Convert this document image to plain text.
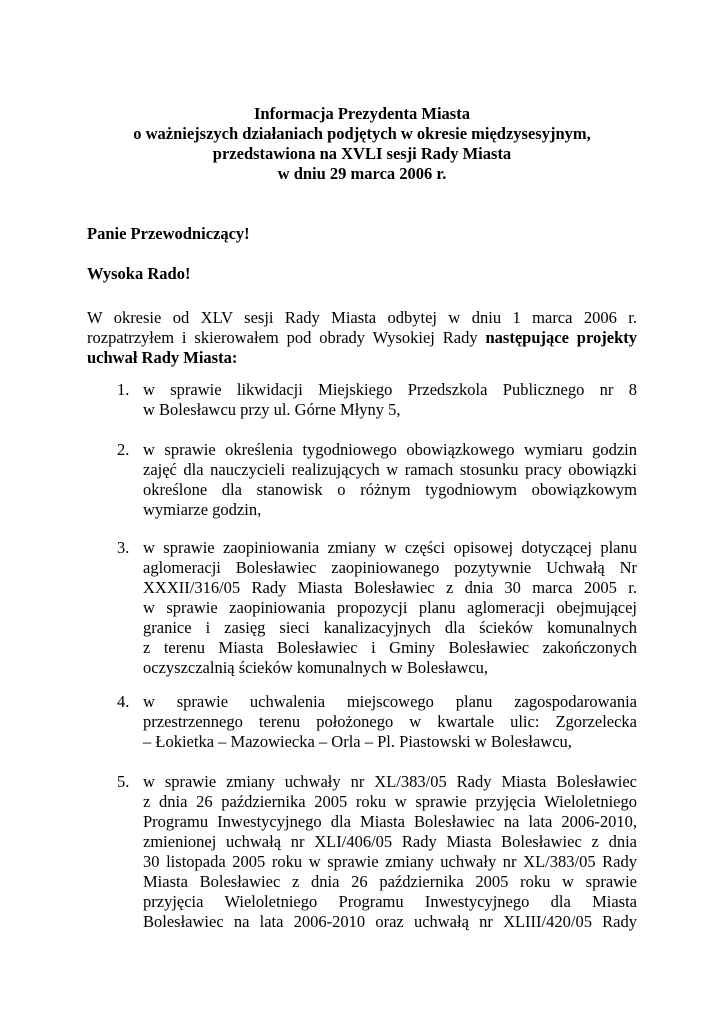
Informacja Prezydenta Miasta
o ważniejszych działaniach podjętych w okresie międzysesyjnym,
przedstawiona na XVLI sesji Rady Miasta
w dniu 29 marca 2006 r.
Panie Przewodniczący!
Wysoka Rado!
W okresie od XLV sesji Rady Miasta odbytej w dniu 1 marca 2006 r.
rozpatrzyłem i skierowałem pod obrady Wysokiej Rady następujące projekty
uchwał Rady Miasta:
1. w sprawie likwidacji Miejskiego Przedszkola Publicznego nr 8
w Bolesławcu przy ul. Górne Młyny 5,
2. w sprawie określenia tygodniowego obowiązkowego wymiaru godzin
zajęć dla nauczycieli realizujących w ramach stosunku pracy obowiązki
określone dla stanowisk o różnym tygodniowym obowiązkowym
wymiarze godzin,
3. w sprawie zaopiniowania zmiany w części opisowej dotyczącej planu
aglomeracji Bolesławiec zaopiniowanego pozytywnie Uchwałą Nr
XXXII/316/05 Rady Miasta Bolesławiec z dnia 30 marca 2005 r.
w sprawie zaopiniowania propozycji planu aglomeracji obejmującej
granice i zasięg sieci kanalizacyjnych dla ścieków komunalnych
z terenu Miasta Bolesławiec i Gminy Bolesławiec zakończonych
oczyszczalnią ścieków komunalnych w Bolesławcu,
4. w sprawie uchwalenia miejscowego planu zagospodarowania
przestrzennego terenu położonego w kwartale ulic: Zgorzelecka
– Łokietka – Mazowiecka – Orla – Pl. Piastowski w Bolesławcu,
5. w sprawie zmiany uchwały nr XL/383/05 Rady Miasta Bolesławiec
z dnia 26 października 2005 roku w sprawie przyjęcia Wieloletniego
Programu Inwestycyjnego dla Miasta Bolesławiec na lata 2006-2010,
zmienionej uchwałą nr XLI/406/05 Rady Miasta Bolesławiec z dnia
30 listopada 2005 roku w sprawie zmiany uchwały nr XL/383/05 Rady
Miasta Bolesławiec z dnia 26 października 2005 roku w sprawie
przyjęcia Wieloletniego Programu Inwestycyjnego dla Miasta
Bolesławiec na lata 2006-2010 oraz uchwałą nr XLIII/420/05 Rady
